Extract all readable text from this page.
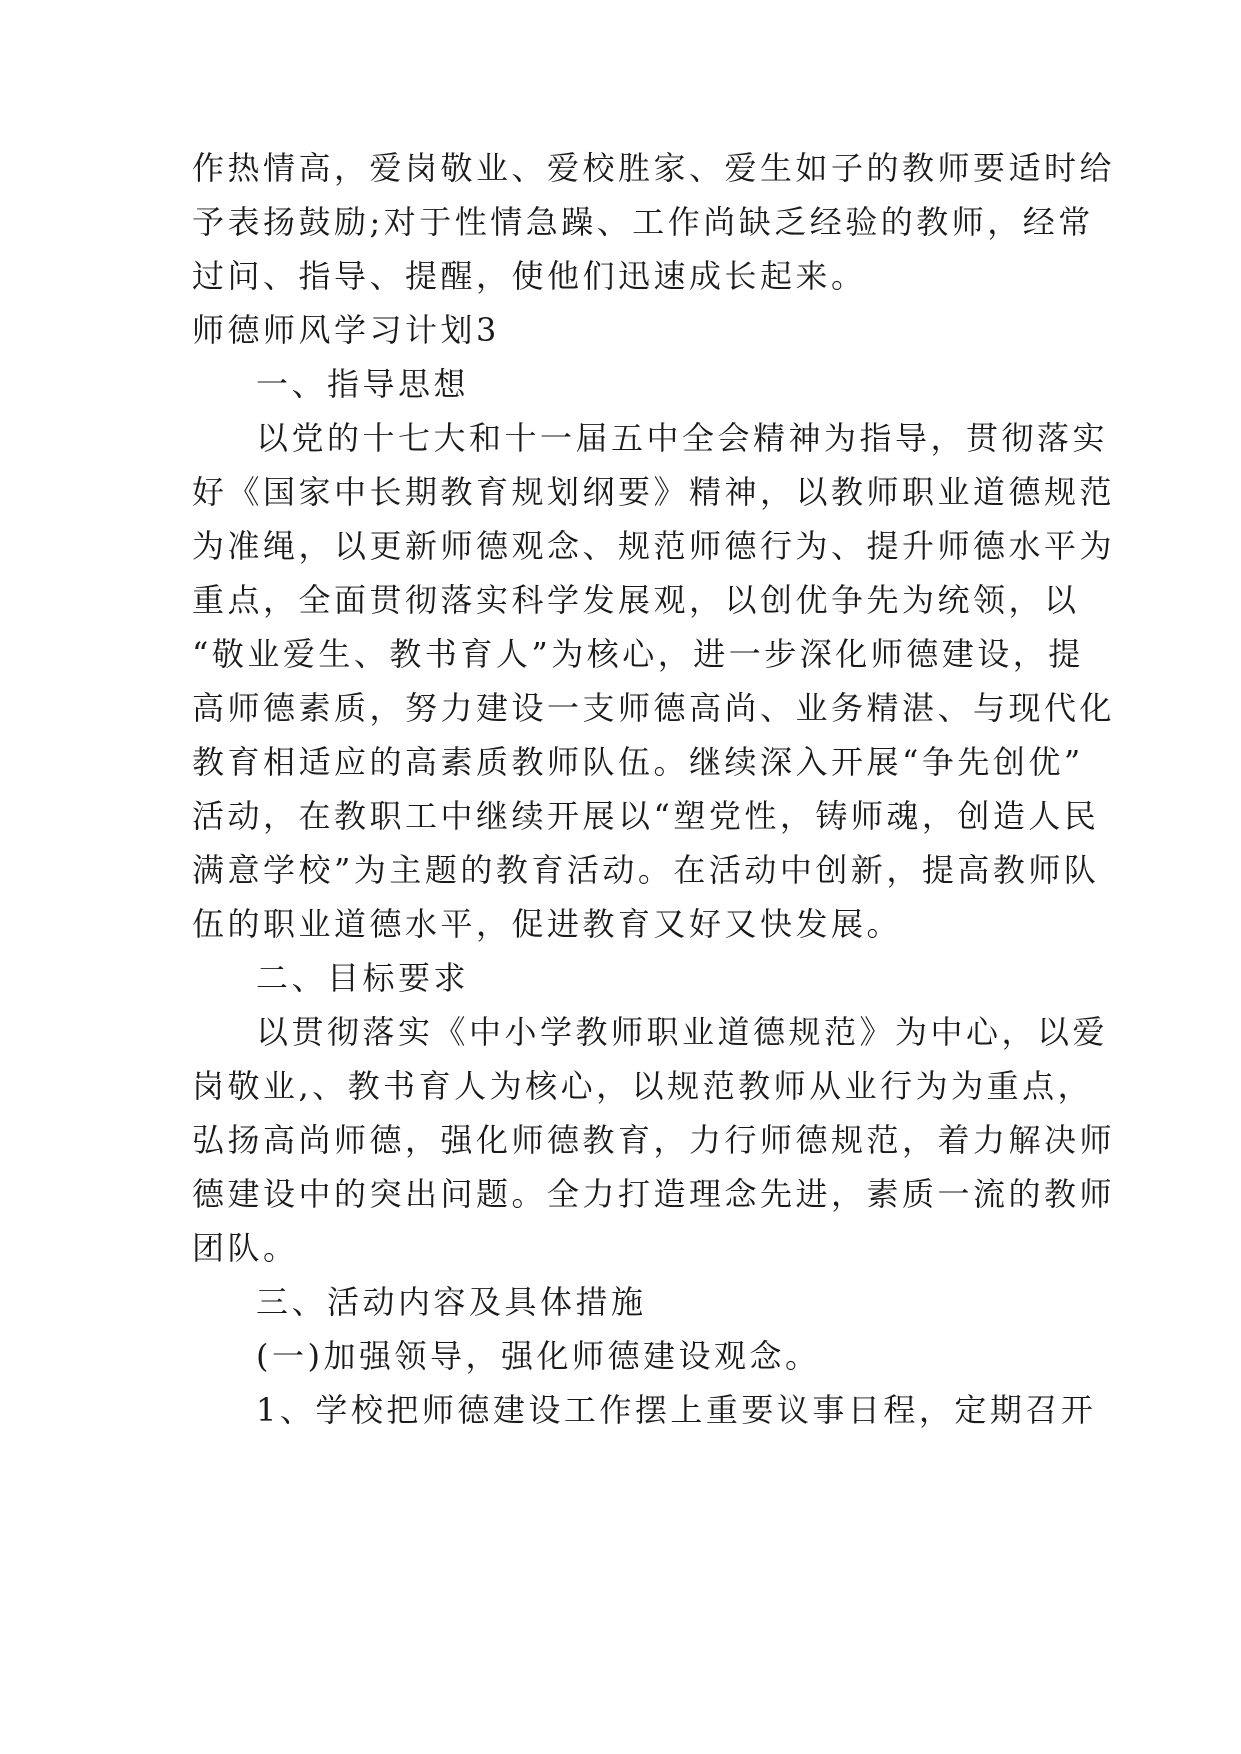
作热情高，爱岗敬业、爱校胜家、爱生如子的教师要适时给

予表扬鼓励;对于性情急躁、工作尚缺乏经验的教师，经常

过问、指导、提醒，使他们迅速成长起来。

师德师风学习计划3

一、指导思想

以党的十七大和十一届五中全会精神为指导，贯彻落实

好《国家中长期教育规划纲要》精神，以教师职业道德规范

为准绳，以更新师德观念、规范师德行为、提升师德水平为

重点，全面贯彻落实科学发展观，以创优争先为统领，以

“敬业爱生、教书育人”为核心，进一步深化师德建设，提

高师德素质，努力建设一支师德高尚、业务精湛、与现代化

教育相适应的高素质教师队伍。继续深入开展“争先创优”

活动，在教职工中继续开展以“塑党性，铸师魂，创造人民

满意学校”为主题的教育活动。在活动中创新，提高教师队

伍的职业道德水平，促进教育又好又快发展。

二、目标要求

以贯彻落实《中小学教师职业道德规范》为中心，以爱

岗敬业,、教书育人为核心，以规范教师从业行为为重点，

弘扬高尚师德，强化师德教育，力行师德规范，着力解决师

德建设中的突出问题。全力打造理念先进，素质一流的教师

团队。

三、活动内容及具体措施

(一)加强领导，强化师德建设观念。

1、学校把师德建设工作摆上重要议事日程，定期召开
